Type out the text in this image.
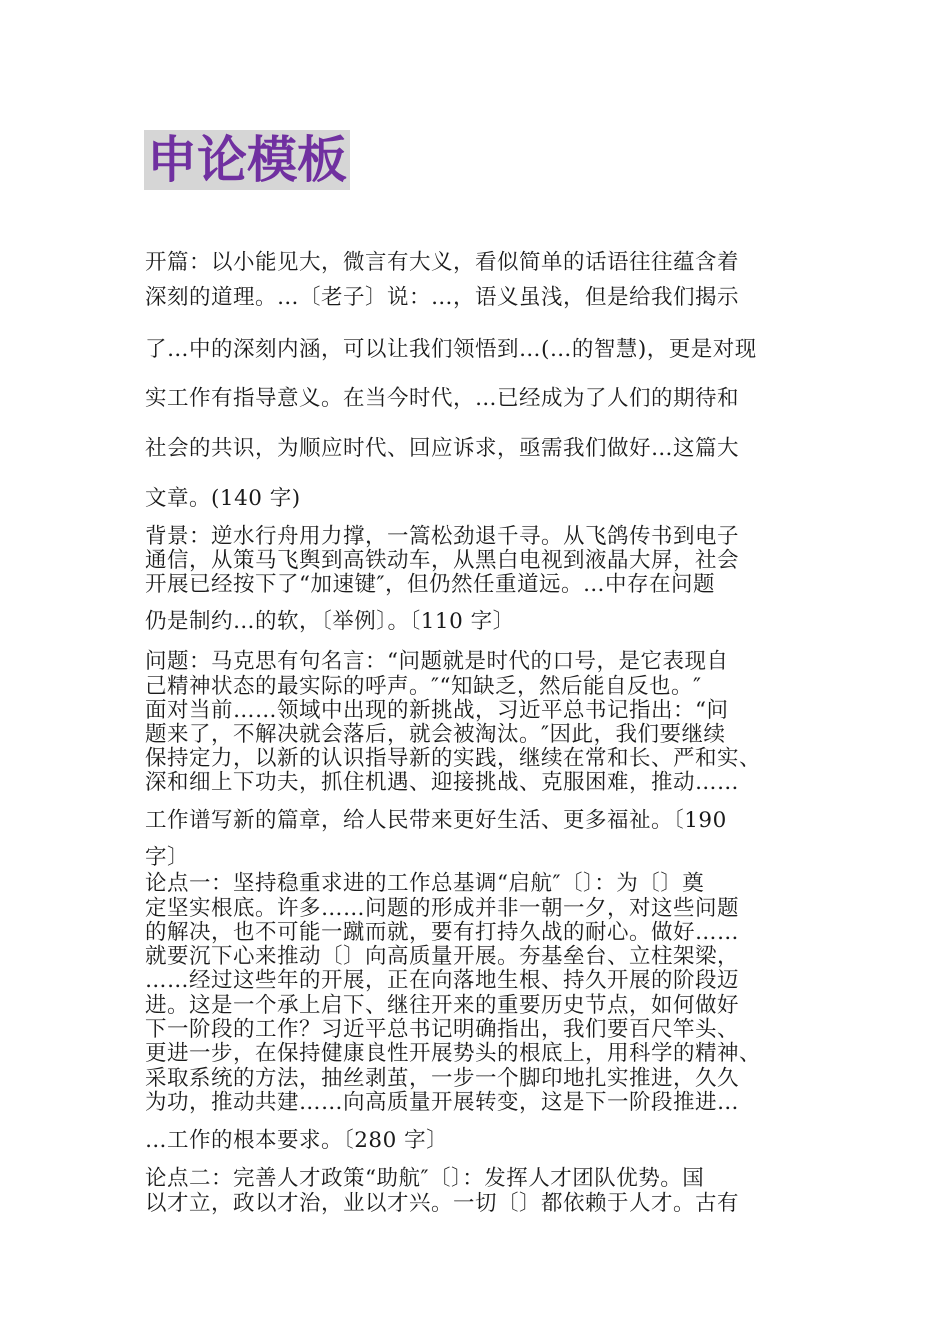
申论模板
开篇：以小能见大，微言有大义，看似简单的话语往往蕴含着
深刻的道理。…〔老子〕说：…，语义虽浅，但是给我们揭示
了…中的深刻内涵，可以让我们领悟到…(…的智慧)，更是对现
实工作有指导意义。在当今时代，…已经成为了人们的期待和
社会的共识，为顺应时代、回应诉求，亟需我们做好…这篇大
文章。(140 字)
背景：逆水行舟用力撑，一篙松劲退千寻。从飞鸽传书到电子
通信，从策马飞舆到高铁动车，从黑白电视到液晶大屏，社会
开展已经按下了“加速键″，但仍然任重道远。…中存在问题
仍是制约…的软，〔举例〕。〔110 字〕
问题：马克思有句名言：“问题就是时代的口号，是它表现自
己精神状态的最实际的呼声。″“知缺乏，然后能自反也。″
面对当前……领域中出现的新挑战，习近平总书记指出：“问
题来了，不解决就会落后，就会被淘汰。″因此，我们要继续
保持定力，以新的认识指导新的实践，继续在常和长、严和实、
深和细上下功夫，抓住机遇、迎接挑战、克服困难，推动……
工作谱写新的篇章，给人民带来更好生活、更多福祉。〔190
字〕
论点一：坚持稳重求进的工作总基调“启航″〔〕：为〔〕奠
定坚实根底。许多……问题的形成并非一朝一夕，对这些问题
的解决，也不可能一蹴而就，要有打持久战的耐心。做好……
就要沉下心来推动〔〕向高质量开展。夯基垒台、立柱架梁，
……经过这些年的开展，正在向落地生根、持久开展的阶段迈
进。这是一个承上启下、继往开来的重要历史节点，如何做好
下一阶段的工作？习近平总书记明确指出，我们要百尺竿头、
更进一步，在保持健康良性开展势头的根底上，用科学的精神、
采取系统的方法，抽丝剥茧，一步一个脚印地扎实推进，久久
为功，推动共建……向高质量开展转变，这是下一阶段推进…
…工作的根本要求。〔280 字〕
论点二：完善人才政策“助航″〔〕：发挥人才团队优势。国
以才立，政以才治，业以才兴。一切〔〕都依赖于人才。古有
